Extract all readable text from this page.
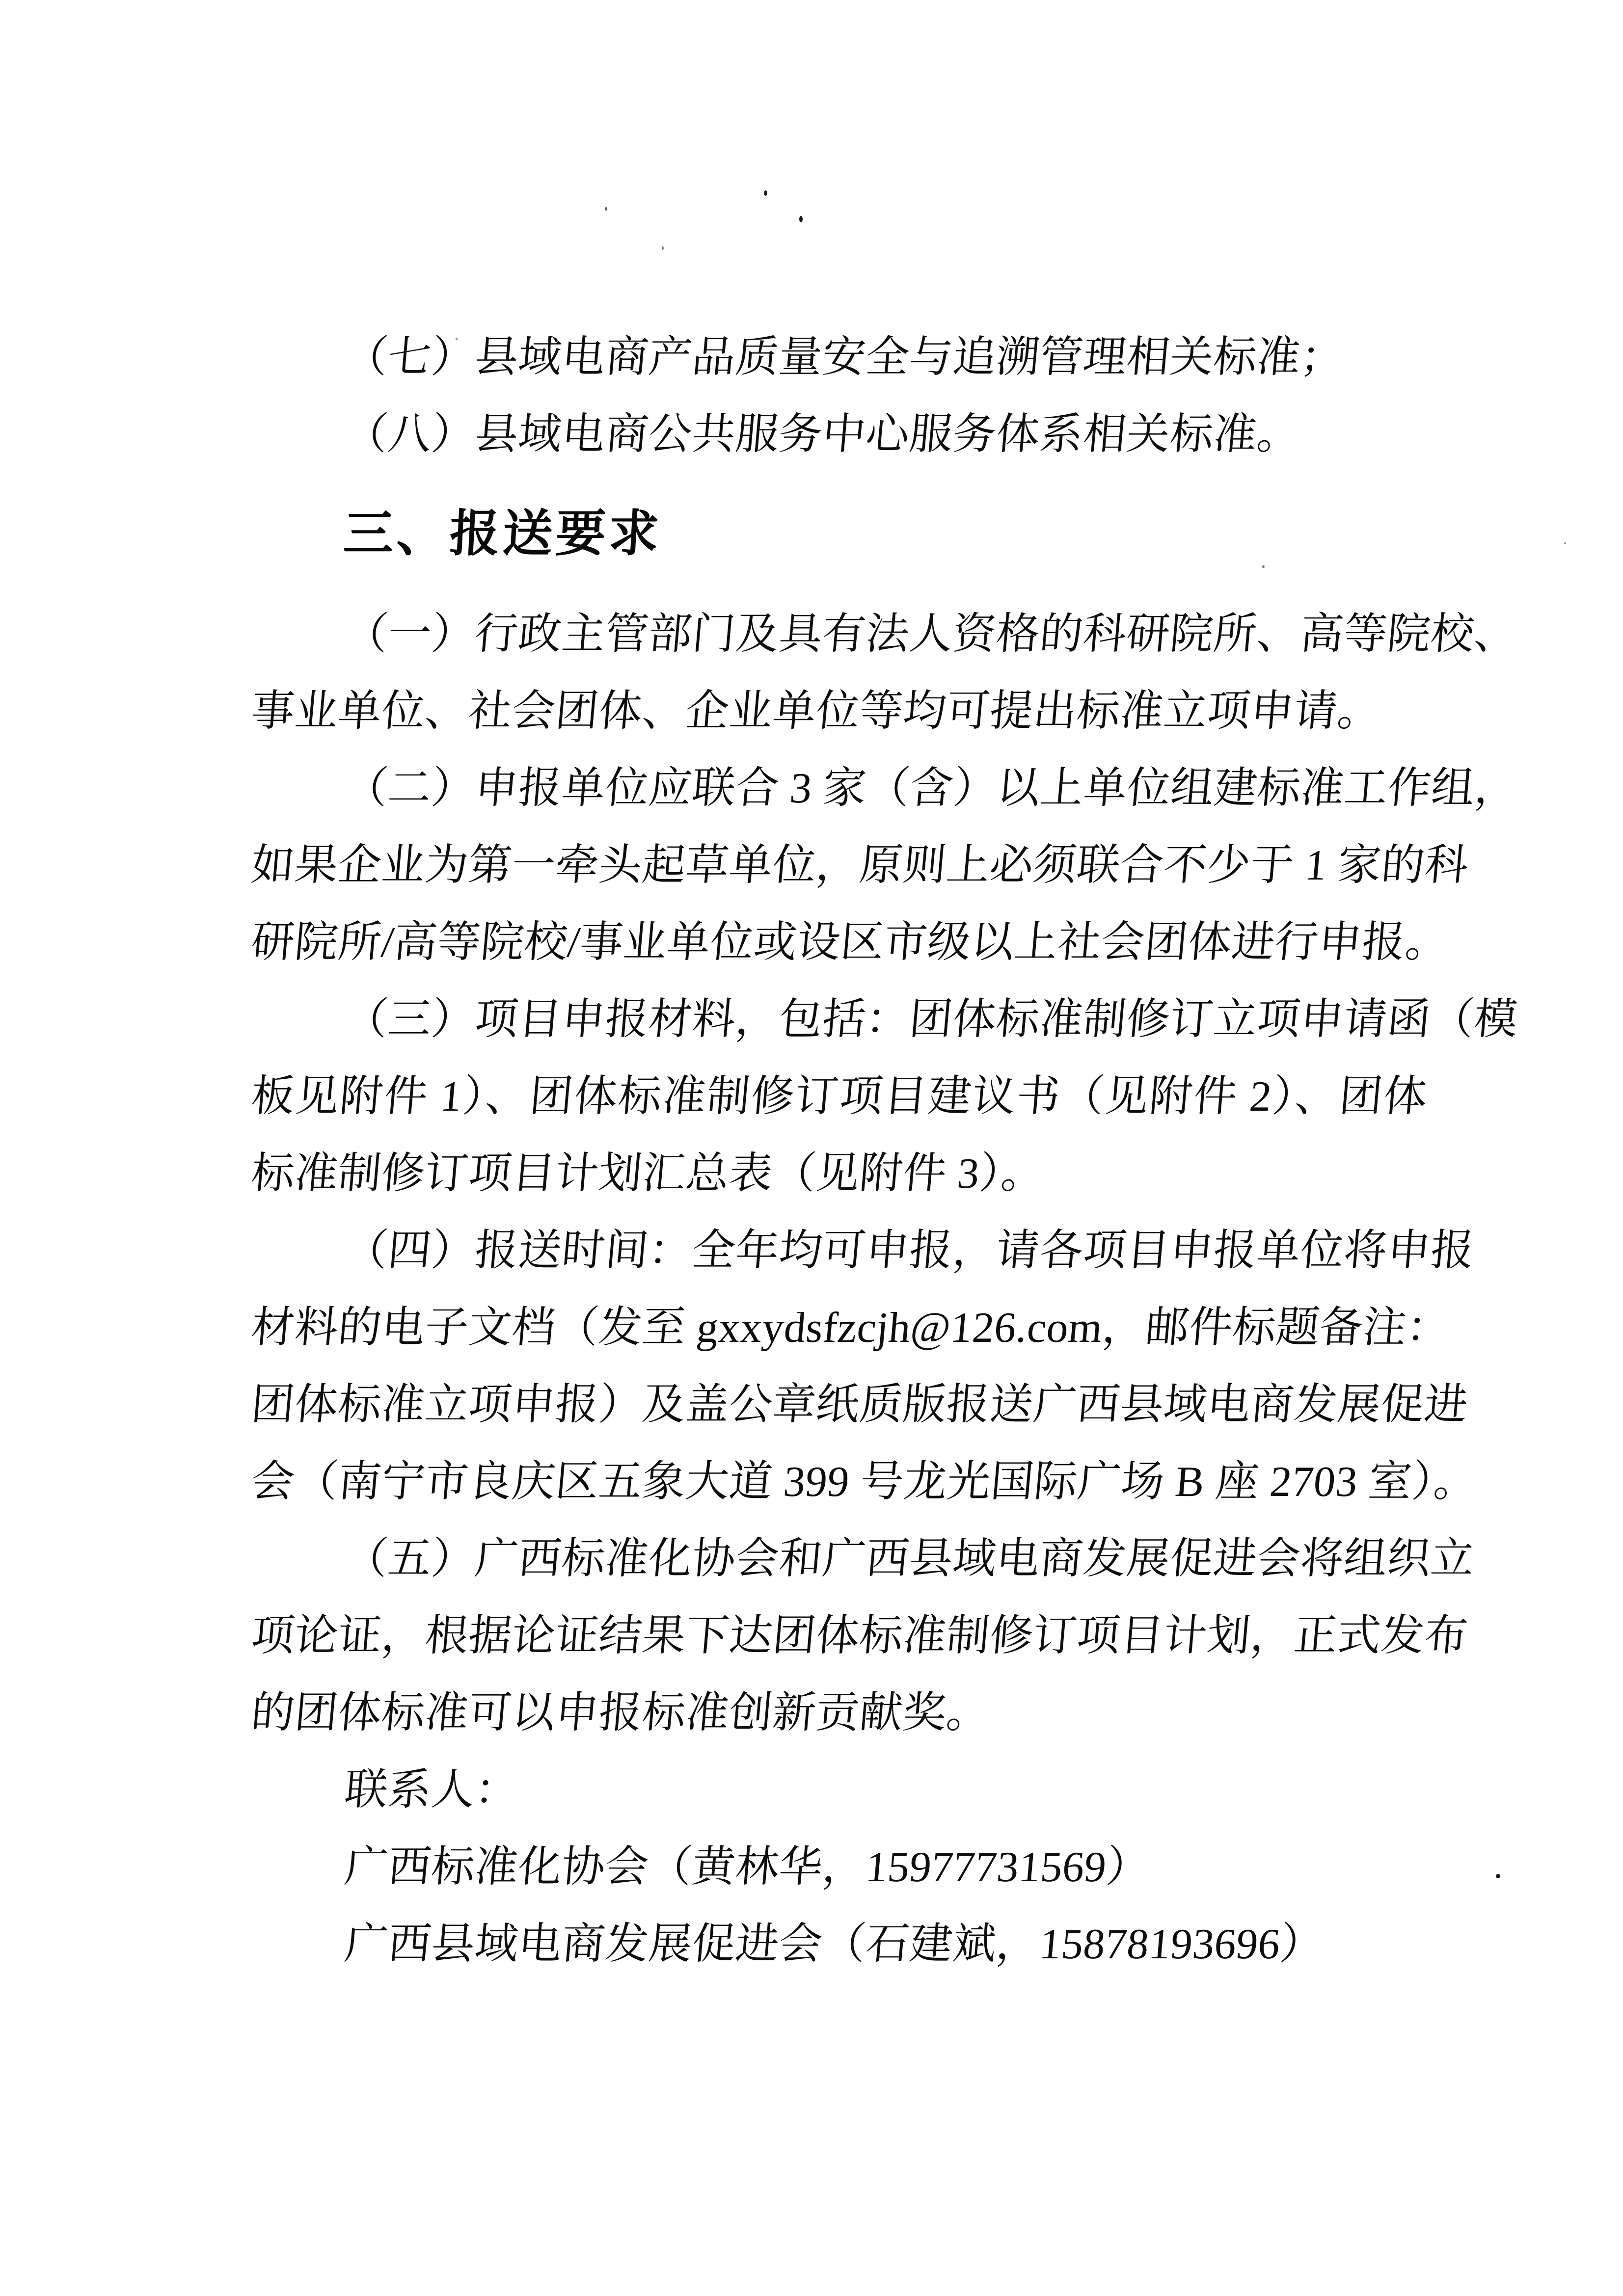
（七）县域电商产品质量安全与追溯管理相关标准；

（八）县域电商公共服务中心服务体系相关标准。

三、报送要求

（一）行政主管部门及具有法人资格的科研院所、高等院校、

事业单位、社会团体、企业单位等均可提出标准立项申请。

（二）申报单位应联合 3 家（含）以上单位组建标准工作组，

如果企业为第一牵头起草单位，原则上必须联合不少于 1 家的科

研院所/高等院校/事业单位或设区市级以上社会团体进行申报。

（三）项目申报材料，包括：团体标准制修订立项申请函（模

板见附件 1）、团体标准制修订项目建议书（见附件 2）、团体

标准制修订项目计划汇总表（见附件 3）。

（四）报送时间：全年均可申报，请各项目申报单位将申报

材料的电子文档（发至 gxxydsfzcjh@126.com，邮件标题备注：

团体标准立项申报）及盖公章纸质版报送广西县域电商发展促进

会（南宁市良庆区五象大道 399 号龙光国际广场 B 座 2703 室）。

（五）广西标准化协会和广西县域电商发展促进会将组织立

项论证，根据论证结果下达团体标准制修订项目计划，正式发布

的团体标准可以申报标准创新贡献奖。

联系人：

广西标准化协会（黄林华，15977731569）

广西县域电商发展促进会（石建斌，15878193696）
